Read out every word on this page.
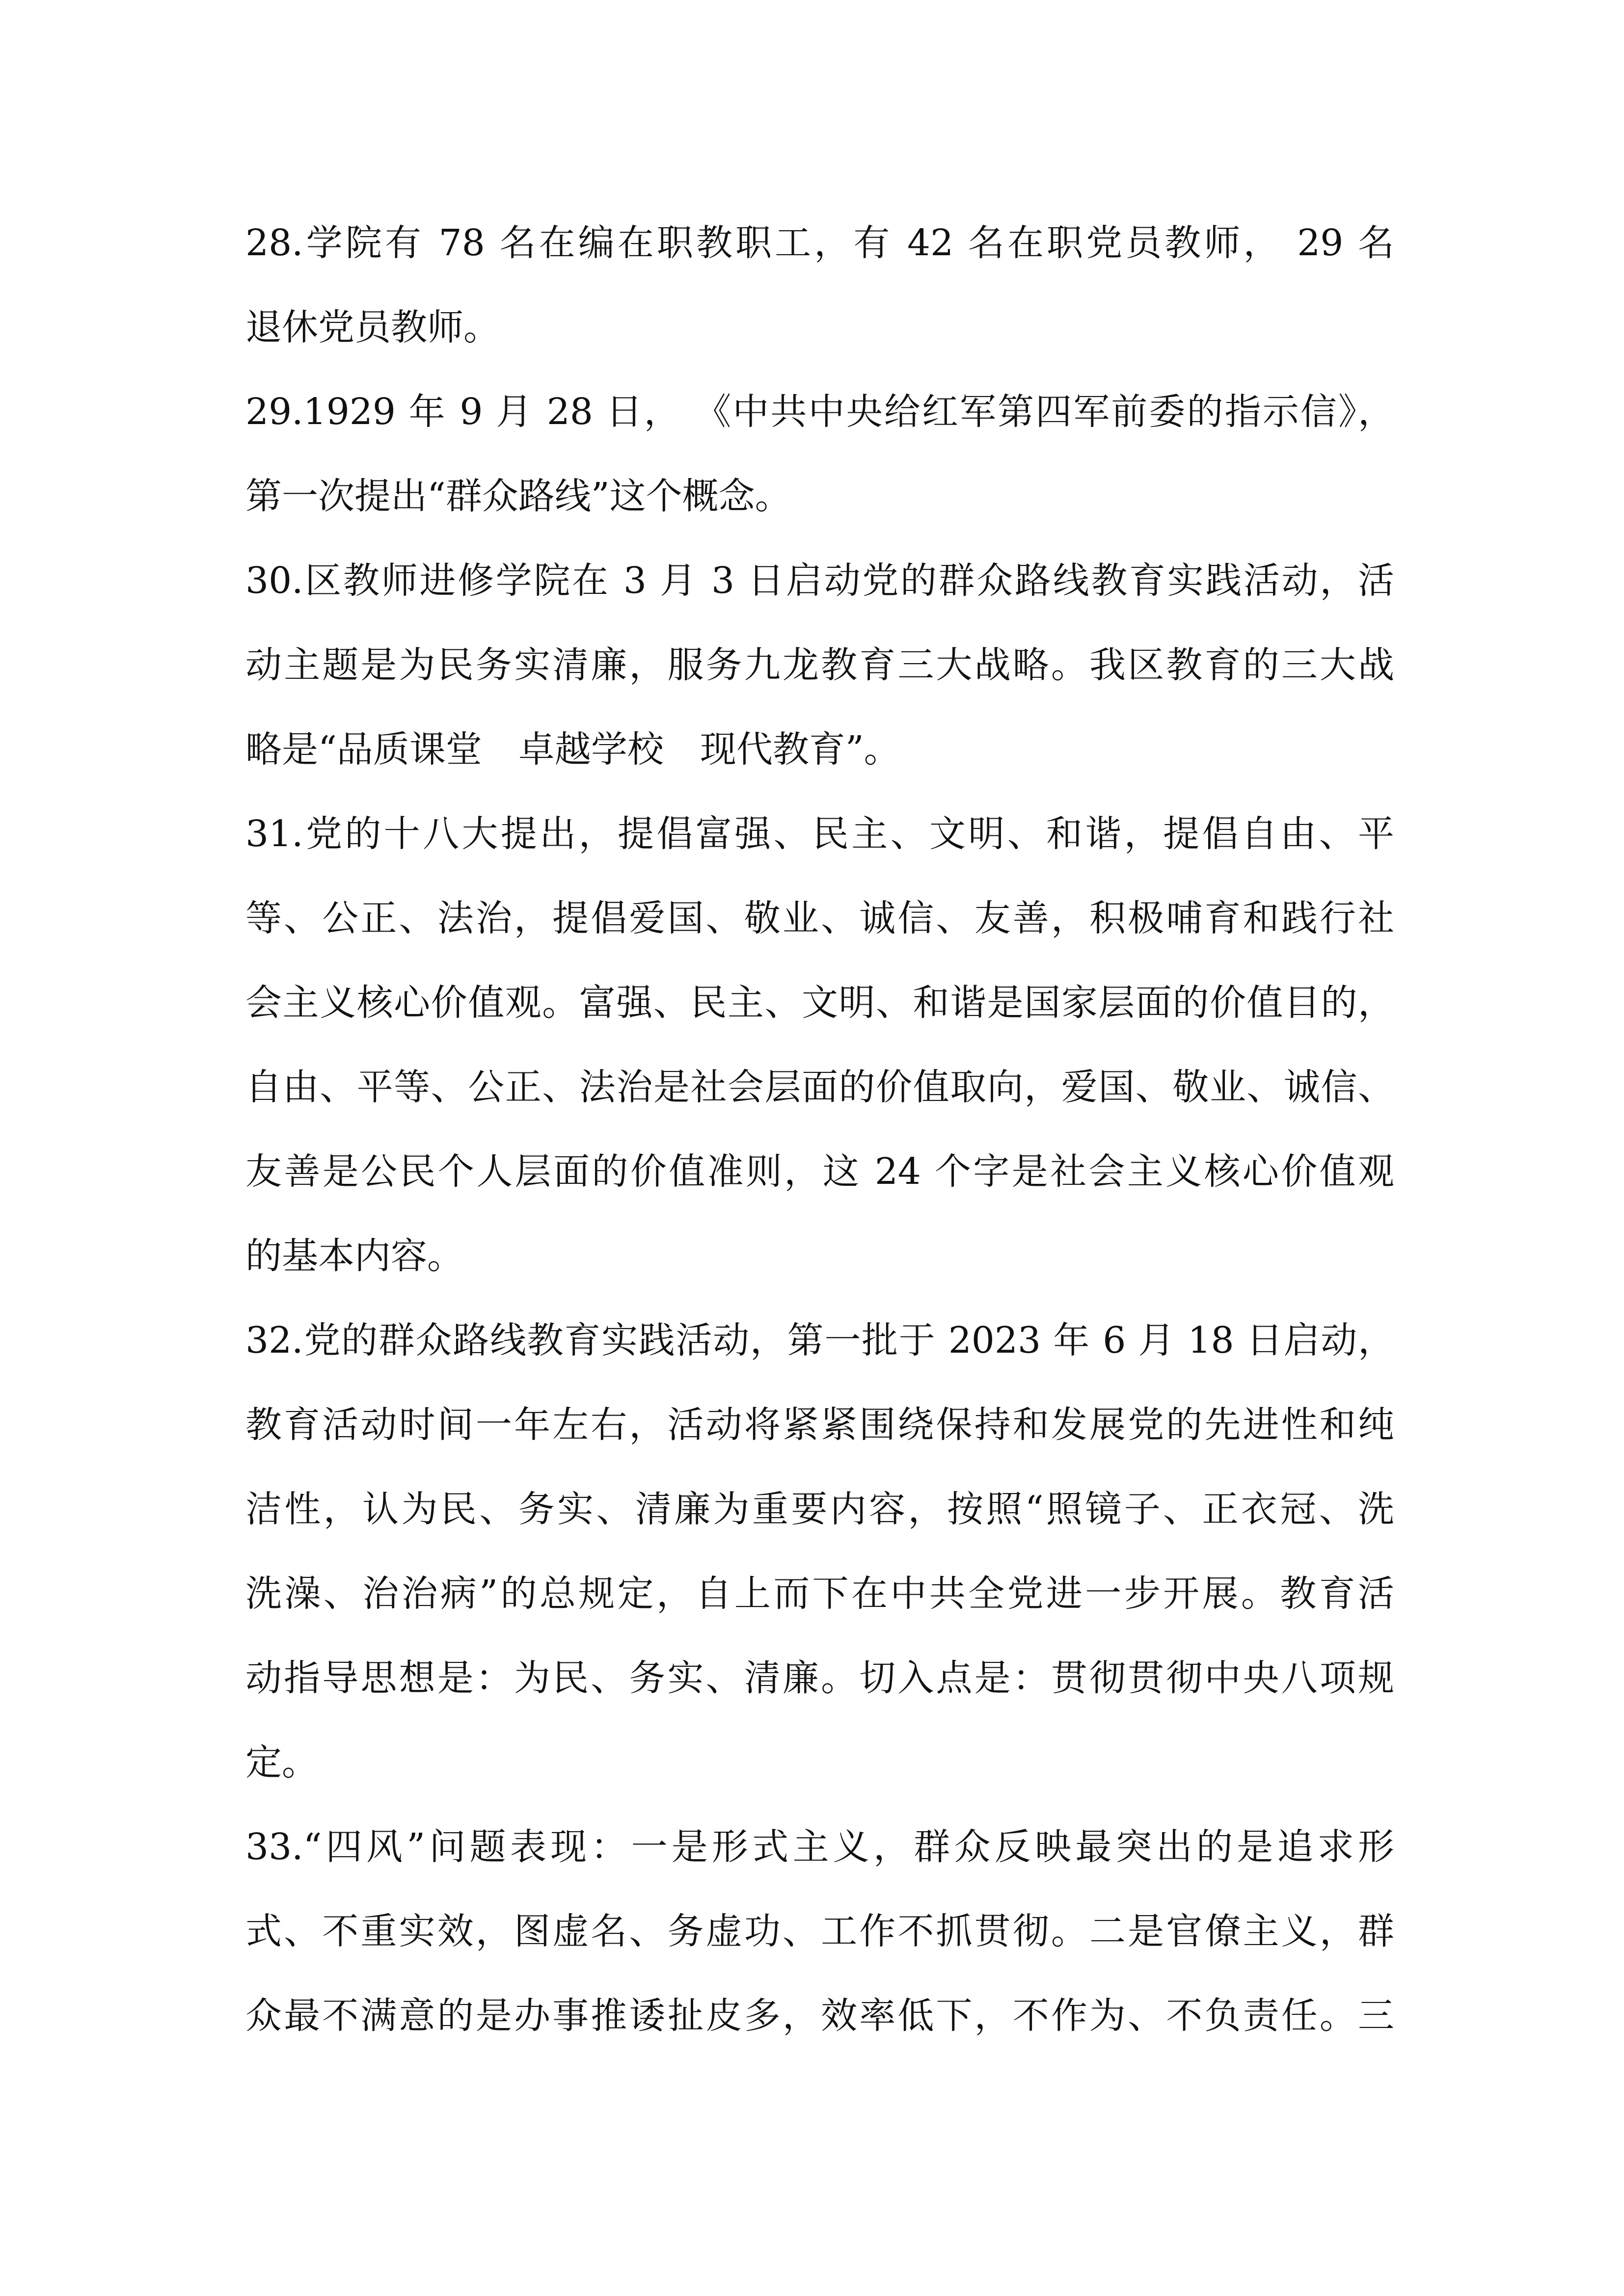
28.学院有 78 名在编在职教职工，有 42 名在职党员教师， 29 名
退休党员教师。
29.1929 年 9 月 28 日， 《中共中央给红军第四军前委的指示信》，
第一次提出“群众路线”这个概念。
30.区教师进修学院在 3 月 3 日启动党的群众路线教育实践活动，活
动主题是为民务实清廉，服务九龙教育三大战略。我区教育的三大战
略是“品质课堂　卓越学校　现代教育”。
31.党的十八大提出，提倡富强、民主、文明、和谐，提倡自由、平
等、公正、法治，提倡爱国、敬业、诚信、友善，积极哺育和践行社
会主义核心价值观。富强、民主、文明、和谐是国家层面的价值目的，
自由、平等、公正、法治是社会层面的价值取向，爱国、敬业、诚信、
友善是公民个人层面的价值准则，这 24 个字是社会主义核心价值观
的基本内容。
32.党的群众路线教育实践活动，第一批于 2023 年 6 月 18 日启动，
教育活动时间一年左右，活动将紧紧围绕保持和发展党的先进性和纯
洁性，认为民、务实、清廉为重要内容，按照“照镜子、正衣冠、洗
洗澡、治治病”的总规定，自上而下在中共全党进一步开展。教育活
动指导思想是：为民、务实、清廉。切入点是：贯彻贯彻中央八项规
定。
33.“四风”问题表现：一是形式主义，群众反映最突出的是追求形
式、不重实效，图虚名、务虚功、工作不抓贯彻。二是官僚主义，群
众最不满意的是办事推诿扯皮多，效率低下，不作为、不负责任。三
